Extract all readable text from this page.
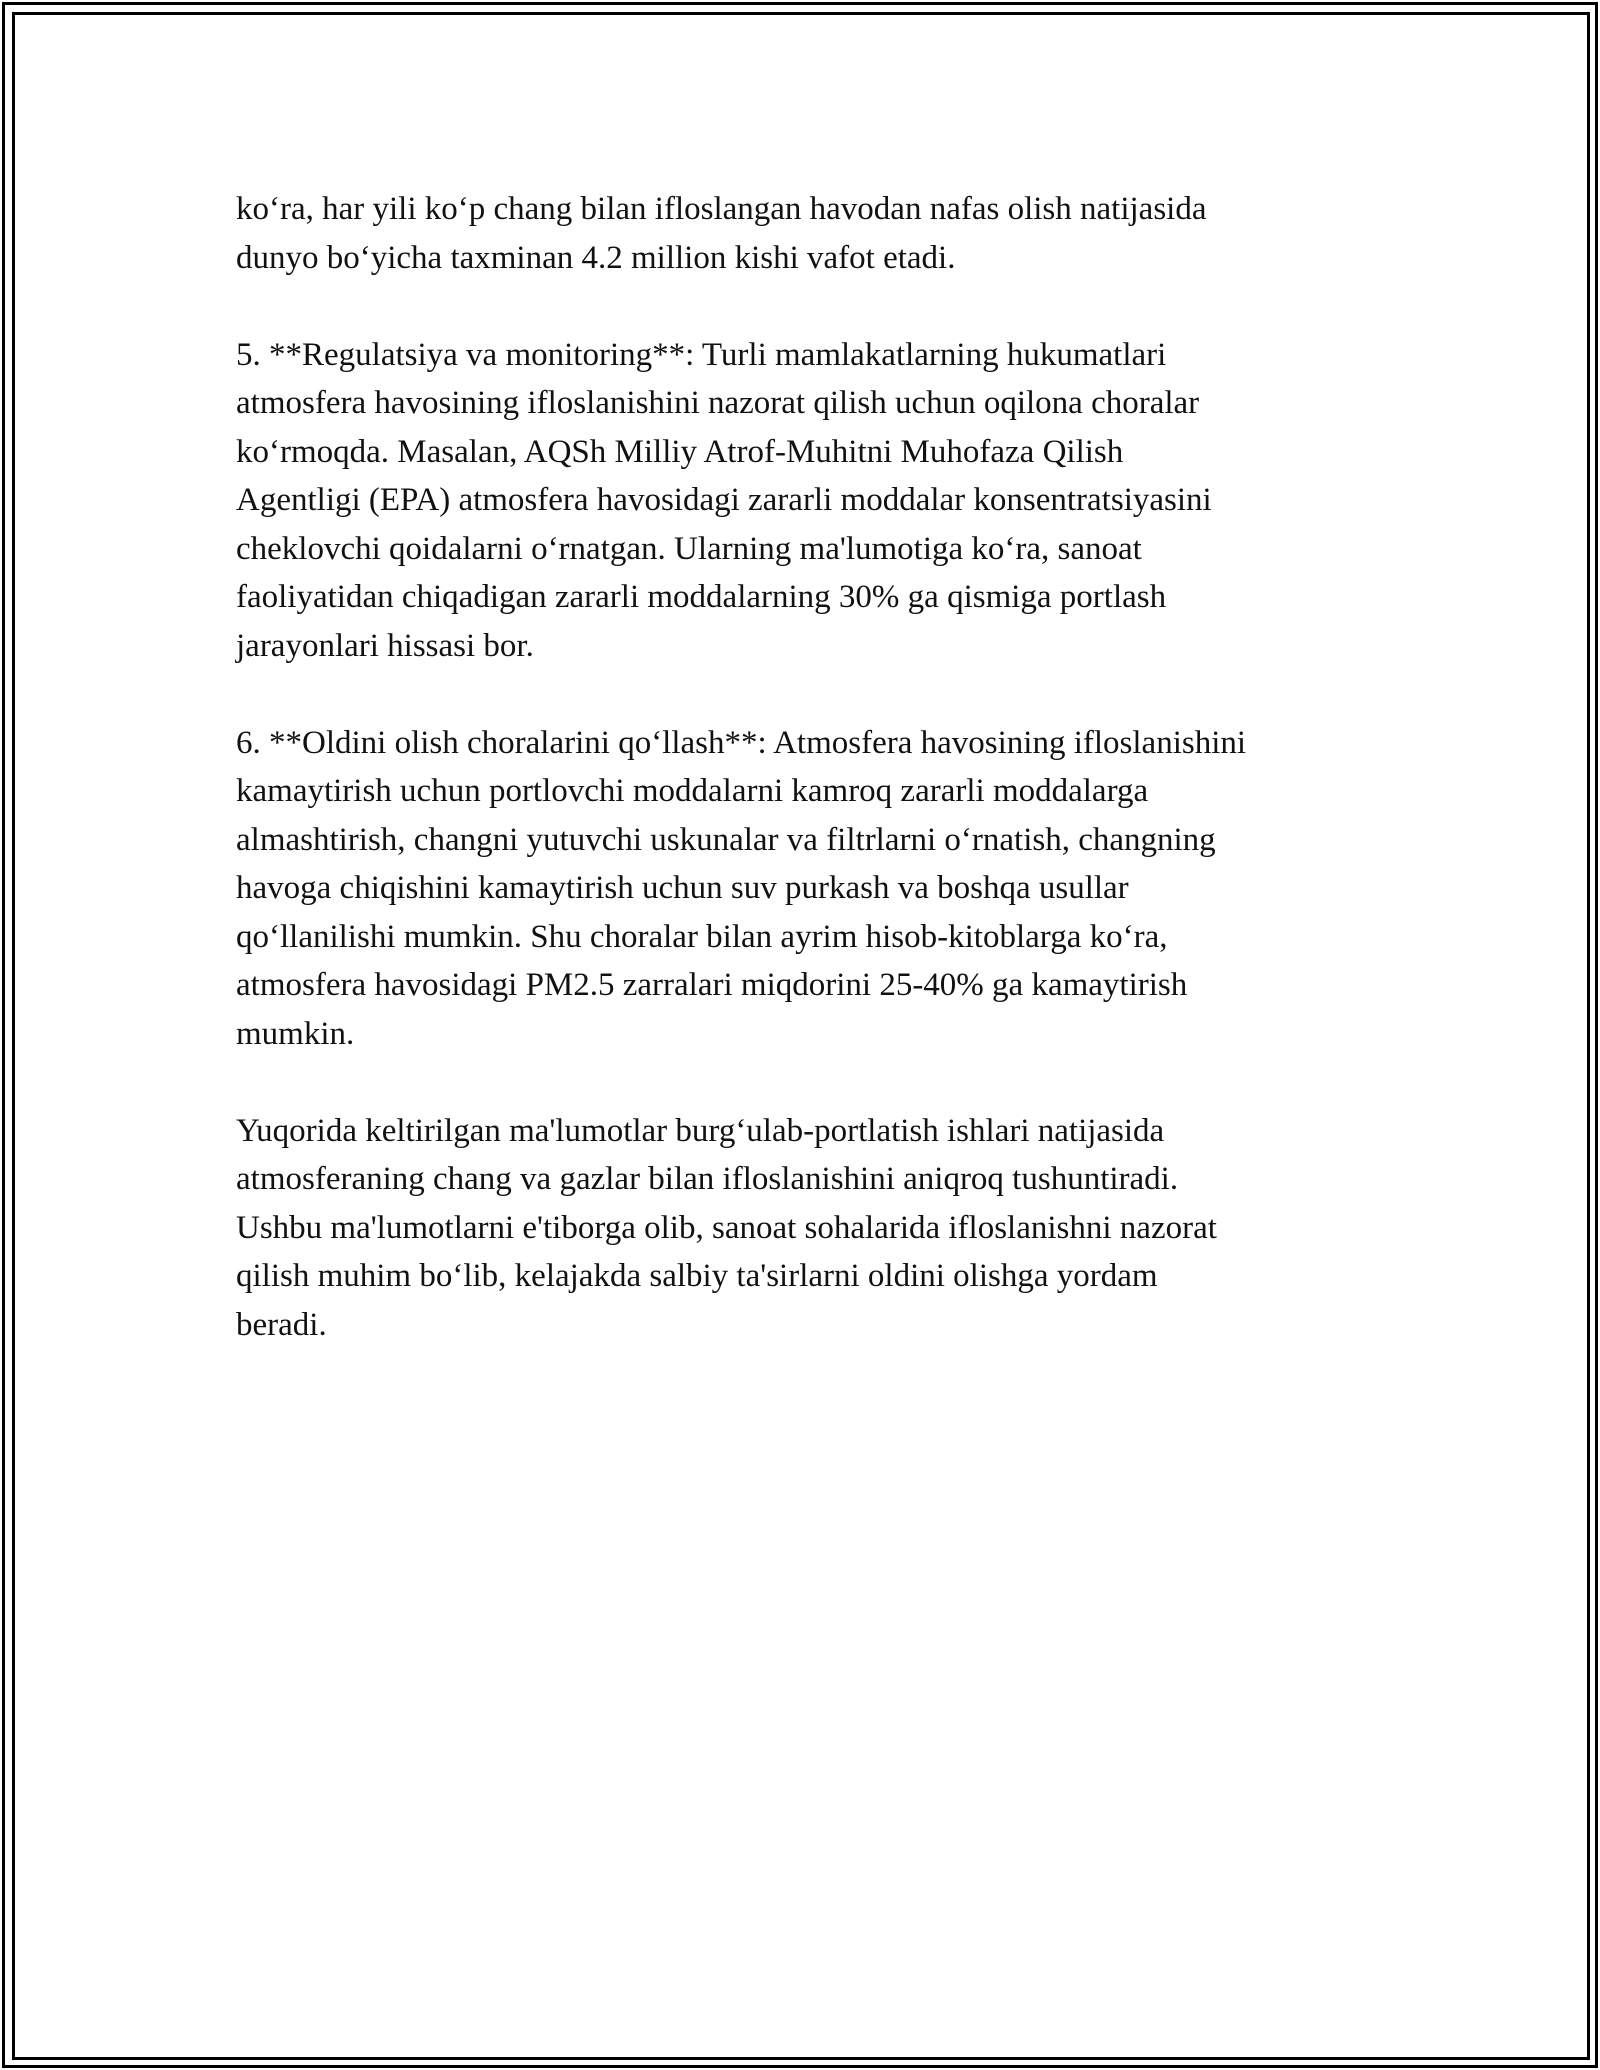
ko‘ra, har yili ko‘p chang bilan ifloslangan havodan nafas olish natijasida
dunyo bo‘yicha taxminan 4.2 million kishi vafot etadi.

5. **Regulatsiya va monitoring**: Turli mamlakatlarning hukumatlari
atmosfera havosining ifloslanishini nazorat qilish uchun oqilona choralar
ko‘rmoqda. Masalan, AQSh Milliy Atrof-Muhitni Muhofaza Qilish
Agentligi (EPA) atmosfera havosidagi zararli moddalar konsentratsiyasini
cheklovchi qoidalarni o‘rnatgan. Ularning ma'lumotiga ko‘ra, sanoat
faoliyatidan chiqadigan zararli moddalarning 30% ga qismiga portlash
jarayonlari hissasi bor.

6. **Oldini olish choralarini qo‘llash**: Atmosfera havosining ifloslanishini
kamaytirish uchun portlovchi moddalarni kamroq zararli moddalarga
almashtirish, changni yutuvchi uskunalar va filtrlarni o‘rnatish, changning
havoga chiqishini kamaytirish uchun suv purkash va boshqa usullar
qo‘llanilishi mumkin. Shu choralar bilan ayrim hisob-kitoblarga ko‘ra,
atmosfera havosidagi PM2.5 zarralari miqdorini 25-40% ga kamaytirish
mumkin.

Yuqorida keltirilgan ma'lumotlar burg‘ulab-portlatish ishlari natijasida
atmosferaning chang va gazlar bilan ifloslanishini aniqroq tushuntiradi.
Ushbu ma'lumotlarni e'tiborga olib, sanoat sohalarida ifloslanishni nazorat
qilish muhim bo‘lib, kelajakda salbiy ta'sirlarni oldini olishga yordam
beradi.
